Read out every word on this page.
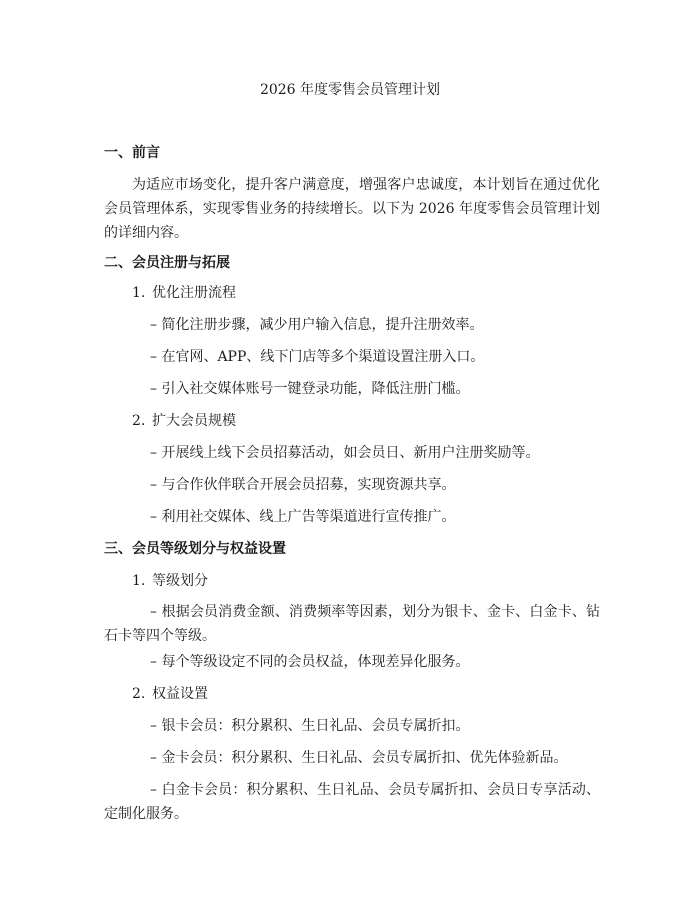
2026 年度零售会员管理计划
一、前言

为适应市场变化，提升客户满意度，增强客户忠诚度，本计划旨在通过优化会员管理体系，实现零售业务的持续增长。以下为 2026 年度零售会员管理计划的详细内容。

二、会员注册与拓展

1. 优化注册流程

– 简化注册步骤，减少用户输入信息，提升注册效率。

– 在官网、APP、线下门店等多个渠道设置注册入口。

– 引入社交媒体账号一键登录功能，降低注册门槛。

2. 扩大会员规模

– 开展线上线下会员招募活动，如会员日、新用户注册奖励等。

– 与合作伙伴联合开展会员招募，实现资源共享。

– 利用社交媒体、线上广告等渠道进行宣传推广。

三、会员等级划分与权益设置

1. 等级划分

– 根据会员消费金额、消费频率等因素，划分为银卡、金卡、白金卡、钻石卡等四个等级。

– 每个等级设定不同的会员权益，体现差异化服务。

2. 权益设置

– 银卡会员：积分累积、生日礼品、会员专属折扣。

– 金卡会员：积分累积、生日礼品、会员专属折扣、优先体验新品。

– 白金卡会员：积分累积、生日礼品、会员专属折扣、会员日专享活动、定制化服务。
